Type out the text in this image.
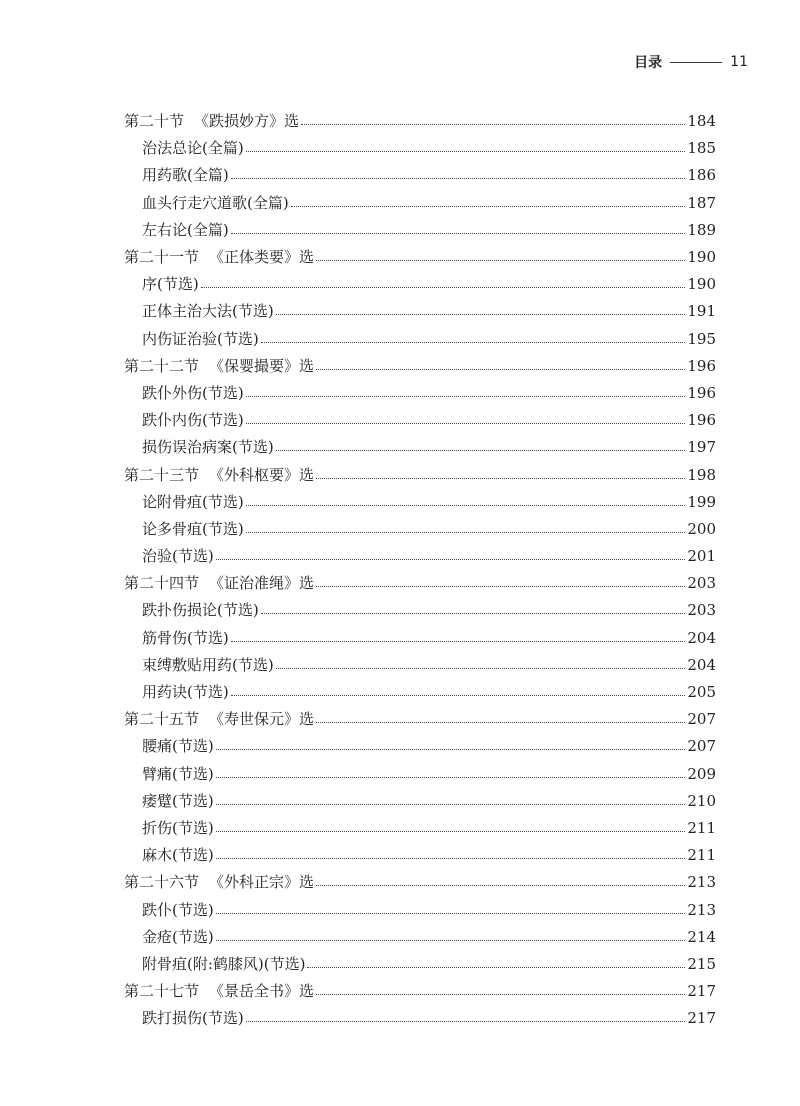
目录	11
第二十节 《跌损妙方》选	184
治法总论(全篇)	185
用药歌(全篇)	186
血头行走穴道歌(全篇)	187
左右论(全篇)	189
第二十一节 《正体类要》选	190
序(节选)	190
正体主治大法(节选)	191
内伤证治验(节选)	195
第二十二节 《保婴撮要》选	196
跌仆外伤(节选)	196
跌仆内伤(节选)	196
损伤误治病案(节选)	197
第二十三节 《外科枢要》选	198
论附骨疽(节选)	199
论多骨疽(节选)	200
治验(节选)	201
第二十四节 《证治准绳》选	203
跌扑伤损论(节选)	203
筋骨伤(节选)	204
束缚敷贴用药(节选)	204
用药诀(节选)	205
第二十五节 《寿世保元》选	207
腰痛(节选)	207
臂痛(节选)	209
痿躄(节选)	210
折伤(节选)	211
麻木(节选)	211
第二十六节 《外科正宗》选	213
跌仆(节选)	213
金疮(节选)	214
附骨疽(附:鹤膝风)(节选)	215
第二十七节 《景岳全书》选	217
跌打损伤(节选)	217
